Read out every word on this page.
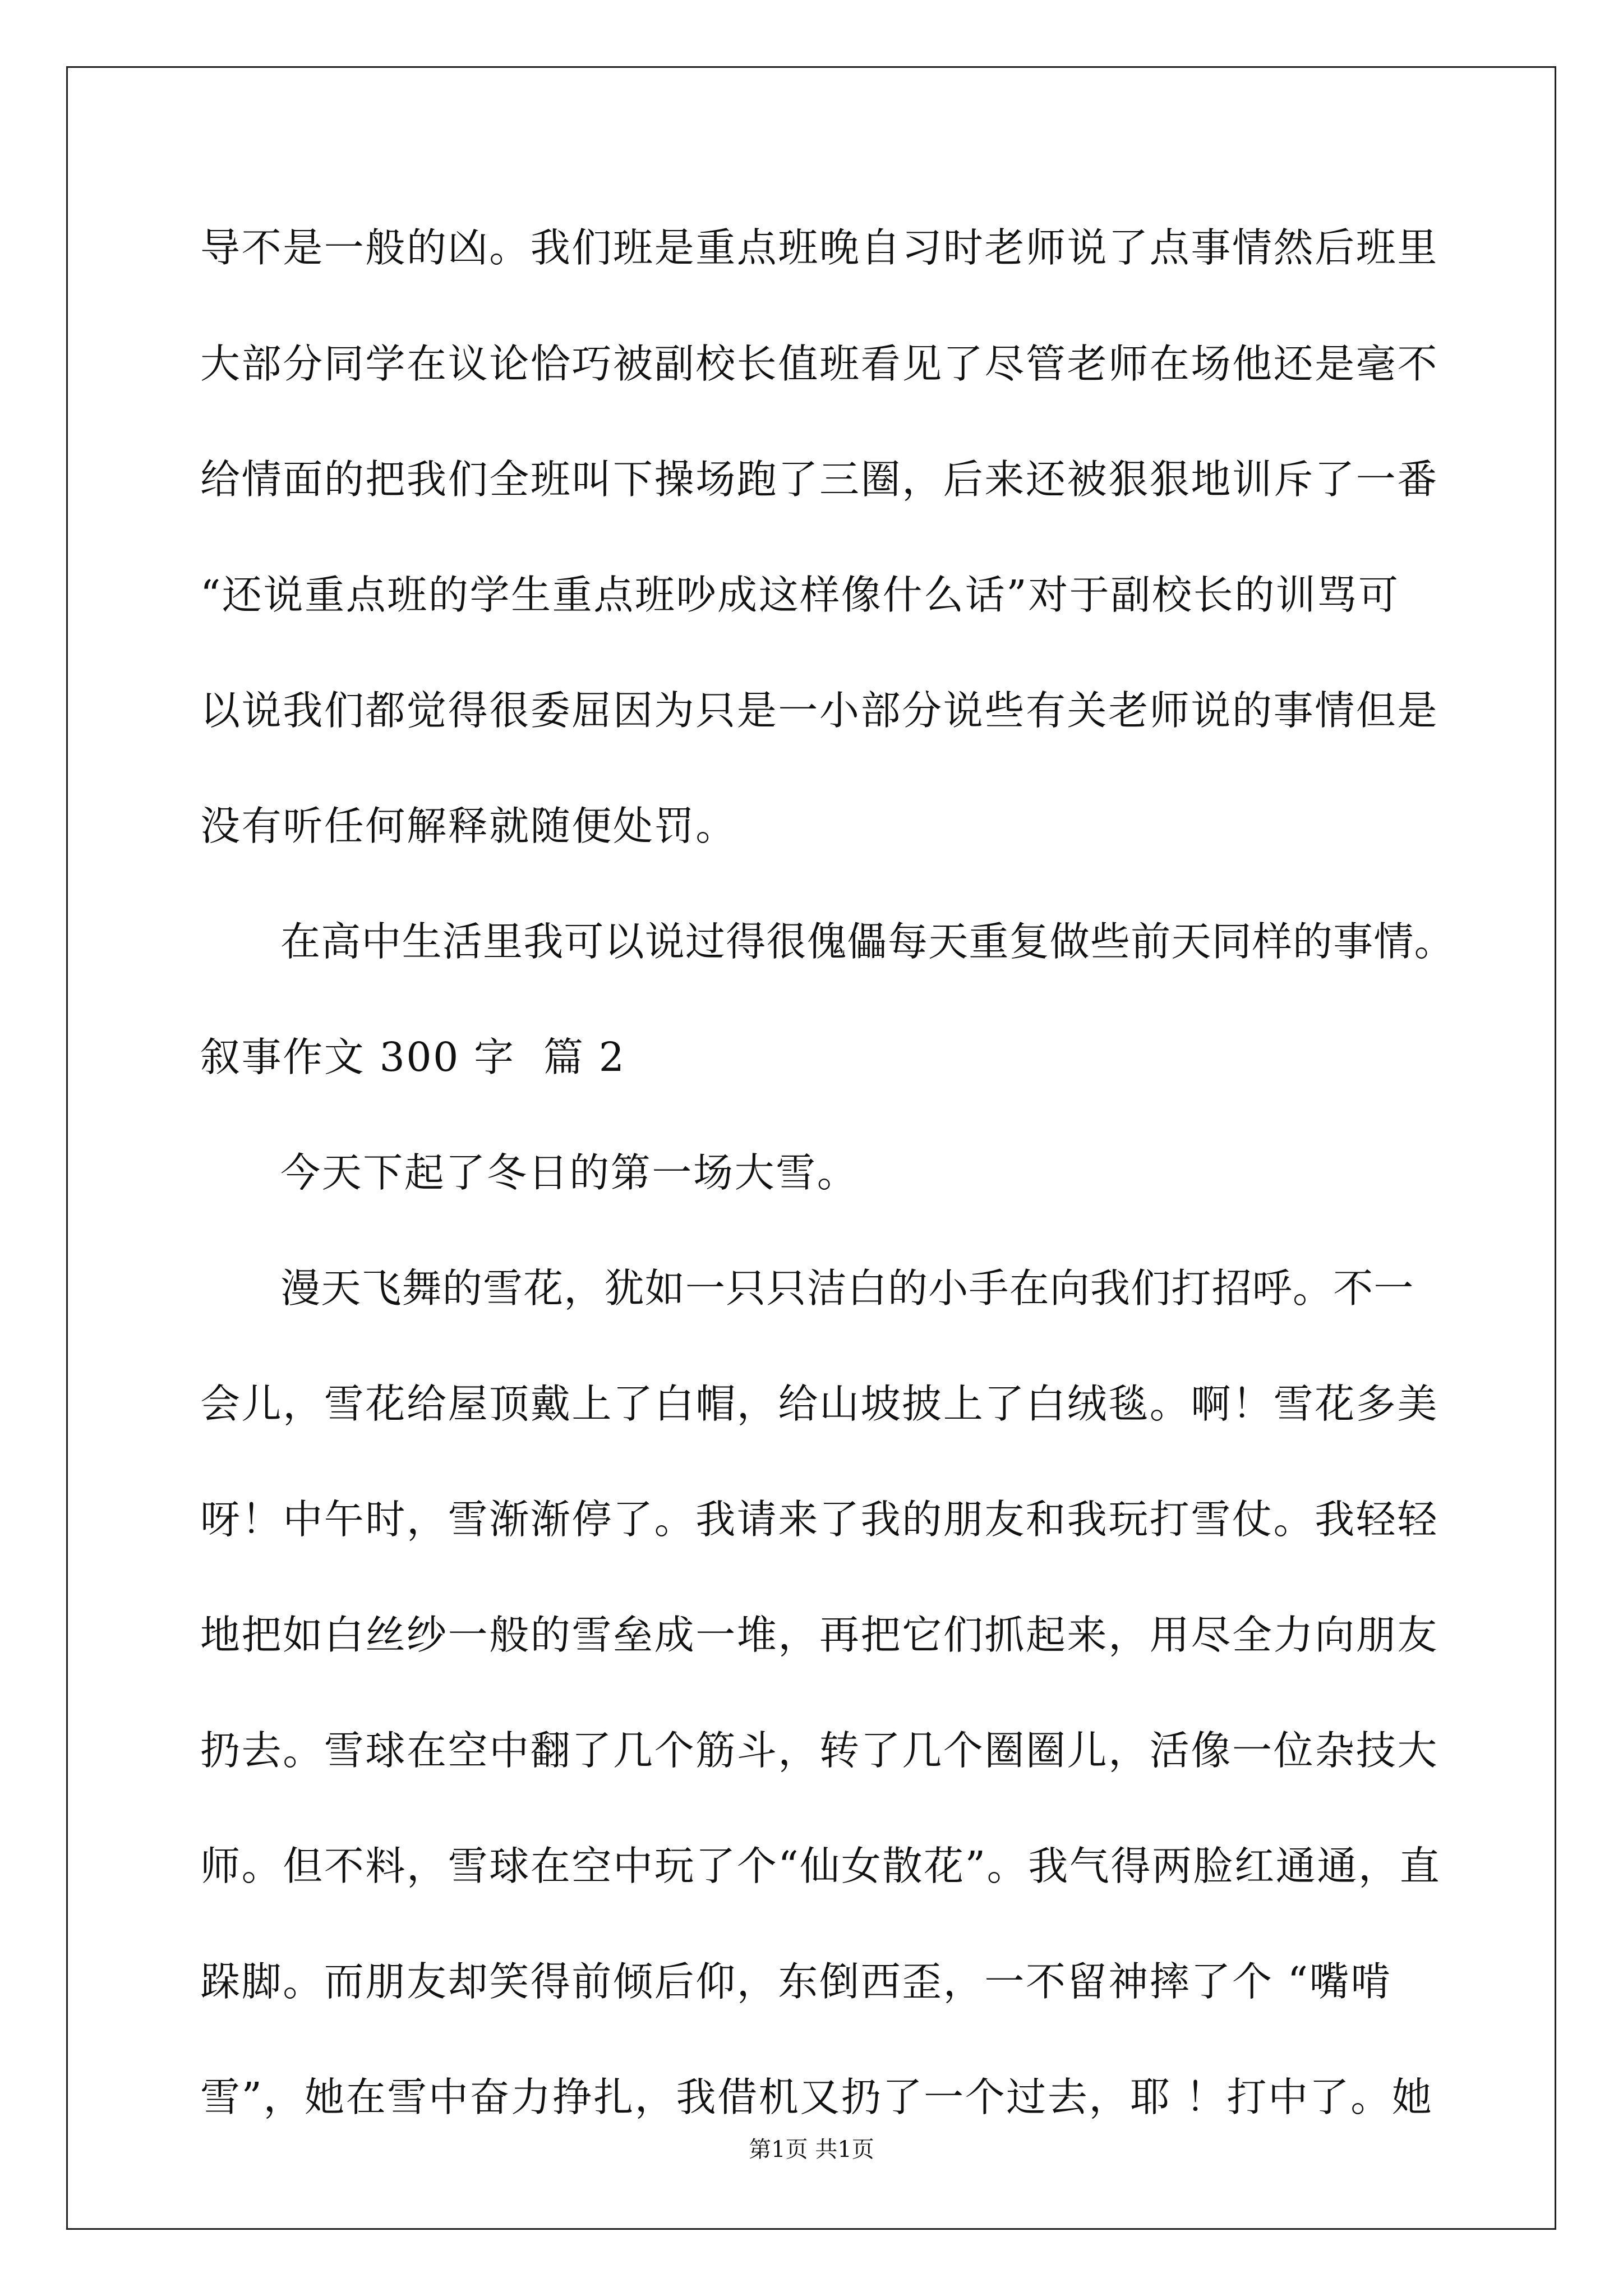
导不是一般的凶。我们班是重点班晚自习时老师说了点事情然后班里

大部分同学在议论恰巧被副校长值班看见了尽管老师在场他还是毫不

给情面的把我们全班叫下操场跑了三圈，后来还被狠狠地训斥了一番

“还说重点班的学生重点班吵成这样像什么话”对于副校长的训骂可

以说我们都觉得很委屈因为只是一小部分说些有关老师说的事情但是

没有听任何解释就随便处罚。

在高中生活里我可以说过得很傀儡每天重复做些前天同样的事情。

叙事作文 300 字  篇 2

今天下起了冬日的第一场大雪。

漫天飞舞的雪花，犹如一只只洁白的小手在向我们打招呼。不一

会儿，雪花给屋顶戴上了白帽，给山坡披上了白绒毯。啊！雪花多美

呀！中午时，雪渐渐停了。我请来了我的朋友和我玩打雪仗。我轻轻

地把如白丝纱一般的雪垒成一堆，再把它们抓起来，用尽全力向朋友

扔去。雪球在空中翻了几个筋斗，转了几个圈圈儿，活像一位杂技大

师。但不料，雪球在空中玩了个“仙女散花”。我气得两脸红通通，直

跺脚。而朋友却笑得前倾后仰，东倒西歪，一不留神摔了个 “嘴啃

雪”，她在雪中奋力挣扎，我借机又扔了一个过去，耶 ！打中了。她

第1页 共1页
